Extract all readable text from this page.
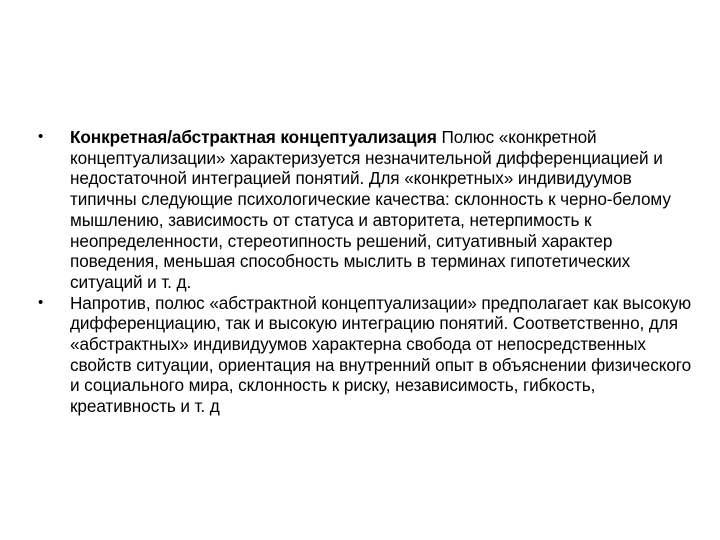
•	Конкретная/абстрактная концептуализация Полюс «конкретной концептуализации» характеризуется незначительной дифференциацией и недостаточной интеграцией понятий. Для «конкретных» индивидуумов типичны следующие психологические качества: склонность к черно-белому мышлению, зависимость от статуса и авторитета, нетерпимость к неопределенности, стереотипность решений, ситуативный характер поведения, меньшая способность мыслить в терминах гипотетических ситуаций и т. д.
•	Напротив, полюс «абстрактной концептуализации» предполагает как высокую дифференциацию, так и высокую интеграцию понятий. Соответственно, для «абстрактных» индивидуумов характерна свобода от непосредственных свойств ситуации, ориентация на внутренний опыт в объяснении физического и социального мира, склонность к риску, независимость, гибкость, креативность и т. д
